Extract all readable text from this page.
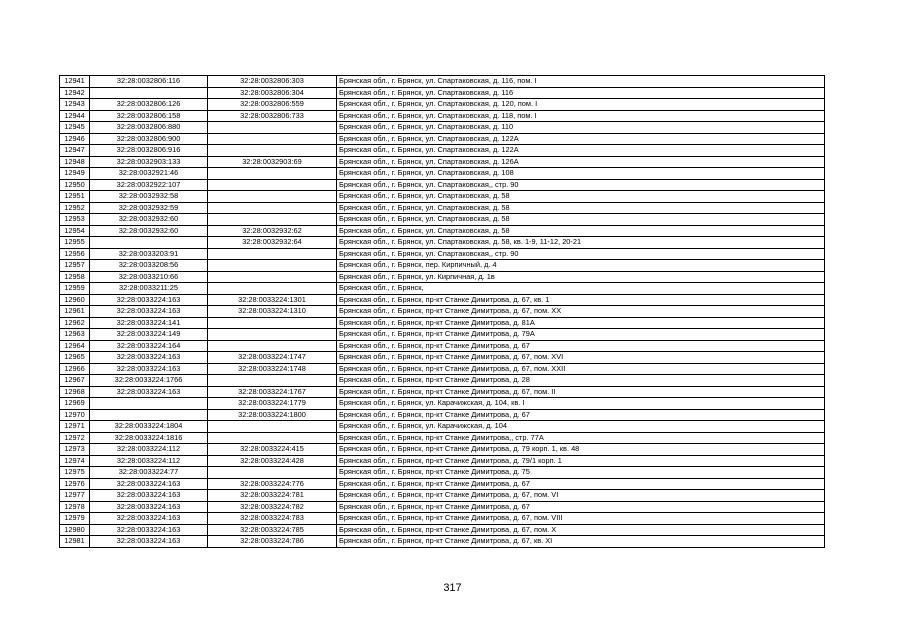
12941	32:28:0032806:116	32:28:0032806:303	Брянская обл., г. Брянск, ул. Спартаковская, д. 116, пом. I
12942		32:28:0032806:304	Брянская обл., г. Брянск, ул. Спартаковская, д. 116
12943	32:28:0032806:126	32:28:0032806:559	Брянская обл., г. Брянск, ул. Спартаковская, д. 120, пом. I
12944	32:28:0032806:158	32:28:0032806:733	Брянская обл., г. Брянск, ул. Спартаковская, д. 118, пом. I
12945	32:28:0032806:880		Брянская обл., г. Брянск, ул. Спартаковская, д. 110
12946	32:28:0032806:900		Брянская обл., г. Брянск, ул. Спартаковская, д. 122А
12947	32:28:0032806:916		Брянская обл., г. Брянск, ул. Спартаковская, д. 122А
12948	32:28:0032903:133	32:28:0032903:69	Брянская обл., г. Брянск, ул. Спартаковская, д. 126А
12949	32:28:0032921:46		Брянская обл., г. Брянск, ул. Спартаковская, д. 108
12950	32:28:0032922:107		Брянская обл., г. Брянск, ул. Спартаковская,, стр. 90
12951	32:28:0032932:58		Брянская обл., г. Брянск, ул. Спартаковская, д. 58
12952	32:28:0032932:59		Брянская обл., г. Брянск, ул. Спартаковская, д. 58
12953	32:28:0032932:60		Брянская обл., г. Брянск, ул. Спартаковская, д. 58
12954	32:28:0032932:60	32:28:0032932:62	Брянская обл., г. Брянск, ул. Спартаковская, д. 58
12955		32:28:0032932:64	Брянская обл., г. Брянск, ул. Спартаковская, д. 58, кв. 1-9, 11-12, 20-21
12956	32:28:0033203:91		Брянская обл., г. Брянск, ул. Спартаковская,, стр. 90
12957	32:28:0033208:56		Брянская обл., г. Брянск, пер. Кирпичный, д. 4
12958	32:28:0033210:66		Брянская обл., г. Брянск, ул. Кирпичная, д. 1в
12959	32:28:0033211:25		Брянская обл., г. Брянск,
12960	32:28:0033224:163	32:28:0033224:1301	Брянская обл., г. Брянск, пр-кт Станке Димитрова, д. 67, кв. 1
12961	32:28:0033224:163	32:28:0033224:1310	Брянская обл., г. Брянск, пр-кт Станке Димитрова, д. 67, пом. XX
12962	32:28:0033224:141		Брянская обл., г. Брянск, пр-кт Станке Димитрова, д. 81А
12963	32:28:0033224:149		Брянская обл., г. Брянск, пр-кт Станке Димитрова, д. 79А
12964	32:28:0033224:164		Брянская обл., г. Брянск, пр-кт Станке Димитрова, д. 67
12965	32:28:0033224:163	32:28:0033224:1747	Брянская обл., г. Брянск, пр-кт Станке Димитрова, д. 67, пом. XVI
12966	32:28:0033224:163	32:28:0033224:1748	Брянская обл., г. Брянск, пр-кт Станке Димитрова, д. 67, пом. XXII
12967	32:28:0033224:1766		Брянская обл., г. Брянск, пр-кт Станке Димитрова, д. 28
12968	32:28:0033224:163	32:28:0033224:1767	Брянская обл., г. Брянск, пр-кт Станке Димитрова, д. 67, пом. II
12969		32:28:0033224:1779	Брянская обл., г. Брянск, ул. Карачижская, д. 104, кв. I
12970		32:28:0033224:1800	Брянская обл., г. Брянск, пр-кт Станке Димитрова, д. 67
12971	32:28:0033224:1804		Брянская обл., г. Брянск, ул. Карачижская, д. 104
12972	32:28:0033224:1816		Брянская обл., г. Брянск, пр-кт Станке Димитрова,, стр. 77А
12973	32:28:0033224:112	32:28:0033224:415	Брянская обл., г. Брянск, пр-кт Станке Димитрова, д. 79 корп. 1, кв. 48
12974	32:28:0033224:112	32:28:0033224:428	Брянская обл., г. Брянск, пр-кт Станке Димитрова, д. 79/1 корп. 1
12975	32:28:0033224:77		Брянская обл., г. Брянск, пр-кт Станке Димитрова, д. 75
12976	32:28:0033224:163	32:28:0033224:776	Брянская обл., г. Брянск, пр-кт Станке Димитрова, д. 67
12977	32:28:0033224:163	32:28:0033224:781	Брянская обл., г. Брянск, пр-кт Станке Димитрова, д. 67, пом. VI
12978	32:28:0033224:163	32:28:0033224:782	Брянская обл., г. Брянск, пр-кт Станке Димитрова, д. 67
12979	32:28:0033224:163	32:28:0033224:783	Брянская обл., г. Брянск, пр-кт Станке Димитрова, д. 67, пом. VIII
12980	32:28:0033224:163	32:28:0033224:785	Брянская обл., г. Брянск, пр-кт Станке Димитрова, д. 67, пом. X
12981	32:28:0033224:163	32:28:0033224:786	Брянская обл., г. Брянск, пр-кт Станке Димитрова, д. 67, кв. XI
317
